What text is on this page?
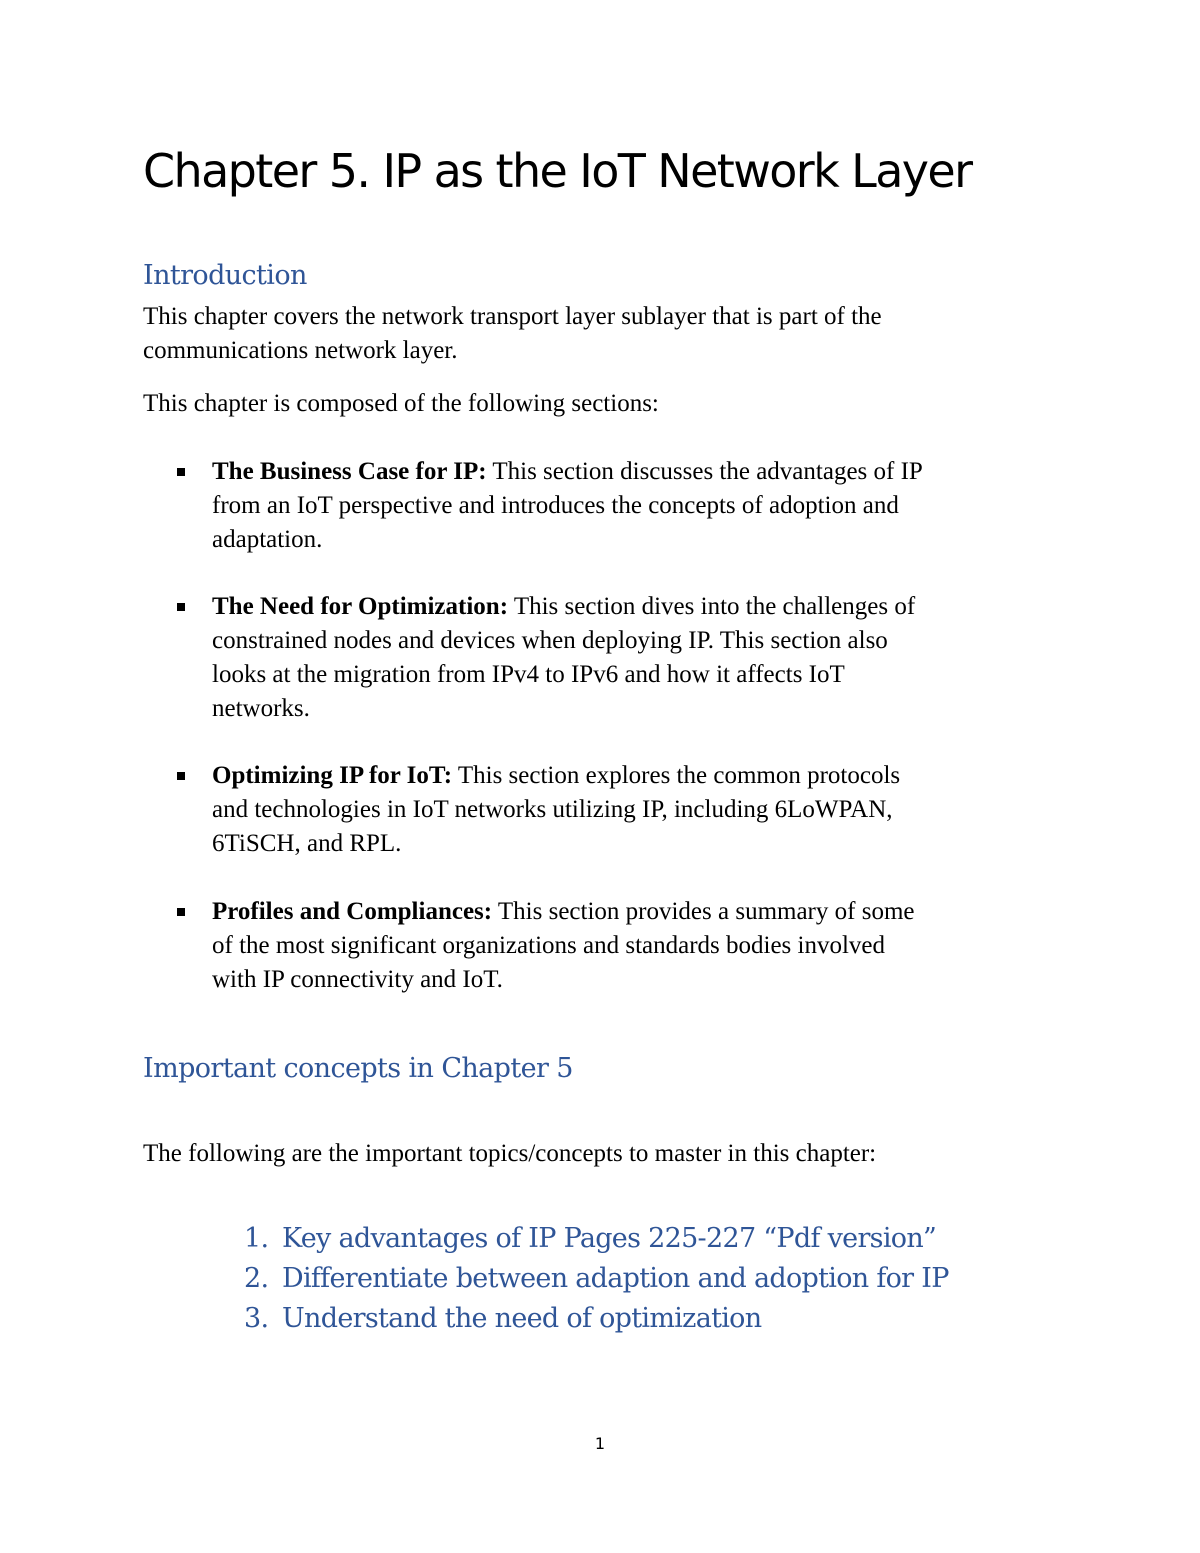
Chapter 5. IP as the IoT Network Layer
Introduction

This chapter covers the network transport layer sublayer that is part of the
communications network layer.

This chapter is composed of the following sections:

The Business Case for IP: This section discusses the advantages of IP
from an IoT perspective and introduces the concepts of adoption and
adaptation.
The Need for Optimization: This section dives into the challenges of
constrained nodes and devices when deploying IP. This section also
looks at the migration from IPv4 to IPv6 and how it affects IoT
networks.
Optimizing IP for IoT: This section explores the common protocols
and technologies in IoT networks utilizing IP, including 6LoWPAN,
6TiSCH, and RPL.
Profiles and Compliances: This section provides a summary of some
of the most significant organizations and standards bodies involved
with IP connectivity and IoT.
Important concepts in Chapter 5

The following are the important topics/concepts to master in this chapter:

1. Key advantages of IP Pages 225-227 “Pdf version”
2. Differentiate between adaption and adoption for IP
3. Understand the need of optimization
1
